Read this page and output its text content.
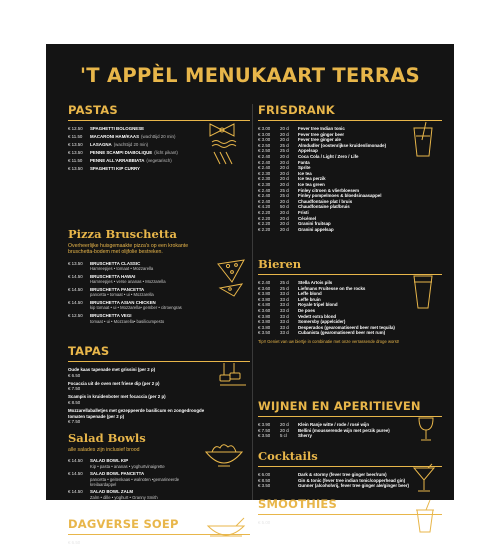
'T APPÈL MENUKAART TERRAS
PASTAS
€ 12.50	SPAGHETTI BOLOGNESE
€ 11.50	MACARONI HAM/KAAS (wachttijd 20 min)
€ 13.50	LASAGNA (wachttijd 20 min)
€ 13.50	PENNE SCAMPI DIABOLIQUE (licht pikant)
€ 11.50	PENNE ALL'ARRABBIATA (vegetarisch)
€ 13.50	SPAGHETTI KIP CURRY
Pizza Bruschetta
Overheerlijke huisgemaakte pizza's op een krokante
bruschetta-bodem met olijfolie bestreken.
€ 13.50	BRUSCHETTA CLASSIC
Hamreepjes • tomaat • Mozzarella
€ 14.50	BRUSCHETTA HAWAI
Hamreepjes • verse ananas • Mozzarella
€ 14.50	BRUSCHETTA PANCETTA
pancetta • tomaat • ui • Mozzarella
€ 14.50	BRUSCHETTA ASIAN CHICKEN
kip tomaat • ui • Mozzarella• gember • citroengras
€ 12.50	BRUSCHETTA VEGI
tomaat • ui • Mozzarella• basilicumpesto
TAPAS
Oude kaas tapenade met grissini (per 2 p)
€ 6.50
Focaccia uit de oven met friese dip (per 2 p)
€ 7.50
Scampis in kruidenboter met focaccia (per 2 p)
€ 8.50
Mozzarellaballetjes met gezeppeerde basilicum en zongedroogde
tomaten tapenade (per 2 p)
€ 7.50
Salad Bowls
alle salades zijn inclusief brood
€ 14.50	SALAD BOWL KIP
Kip • pasta • ananas • yoghurtvinaigrette
€ 14.50	SALAD BOWL PANCETTA
pancetta • geitenkaas • walnoten •gemarineerde
kreilaardappel
€ 14.50	SALAD BOWL ZALM
Zalm • dille • yoghurt • Granny Smith
DAGVERSE SOEP
€ 6.50	Kom soep met focaccia uit de oven
FRISDRANK
€ 3.00	20 cl	Fever tree Indian tonic
€ 3.00	20 cl	Fever tree ginger beer
€ 3.00	20 cl	Fever tree ginger ale
€ 2.50	25 cl	Almdudler (oostenrijkse kruidenlimonade)
€ 2.50	25 cl	Appelsap
€ 2.40	20 cl	Coca Cola / Light / Zero / Life
€ 2.40	20 cl	Fanta
€ 2.40	20 cl	Sprite
€ 2.30	20 cl	Ice tea
€ 2.30	20 cl	Ice tea perzik
€ 2.30	20 cl	Ice tea green
€ 2.40	25 cl	Finley citroen & vlierbloesem
€ 2.40	25 cl	Finley pompelmoes & bloedsinaasappel
€ 2.40	20 cl	Chaudfontaine plat / bruis
€ 4.20	50 cl	Chaudfontaine plat/bruis
€ 2.20	20 cl	Fristi
€ 2.20	20 cl	Cécémel
€ 2.20	20 cl	Granini fruitsap
€ 2.20	20 cl	Granini appelsap
Bieren
€ 2.40	25 cl	Stella Artois pils
€ 3.60	25 cl	Liefmans Fruitesse on the rocks
€ 3.80	33 cl	Leffe blond
€ 3.80	33 cl	Leffe bruin
€ 4.80	33 cl	Royale tripel blond
€ 3.60	33 cl	De poes
€ 3.80	33 cl	Vedett extra blond
€ 3.80	33 cl	Somersby (appelcider)
€ 3.80	33 cl	Desperados (gearomatiseerd beer met tequila)
€ 3.50	33 cl	Cubanista (gearomatiseerd beer met rum)
Tip!! Geniet van uw biertje in combinatie met onze verrassende droge worst!
WIJNEN EN APERITIEVEN
€ 3.90	20 cl	Klein Ranje witte / rode / rosé wijn
€ 7.50	20 cl	Bellini (mousserende wijn met perzik puree)
€ 3.50	5 cl	Sherry
Cocktails
€ 6.00	Dark & stormy (fever tree ginger beer/rum)
€ 8.50	Gin & tonic (fever tree indian tonic/copperhead gin)
€ 3.50	Gunner (alcoholvrij, fever tree ginger ale/ginger beer)
SMOOTHIES
€ 5.00	Tropical aardbei, Ananas cocos,
Passievrucht, banaan
